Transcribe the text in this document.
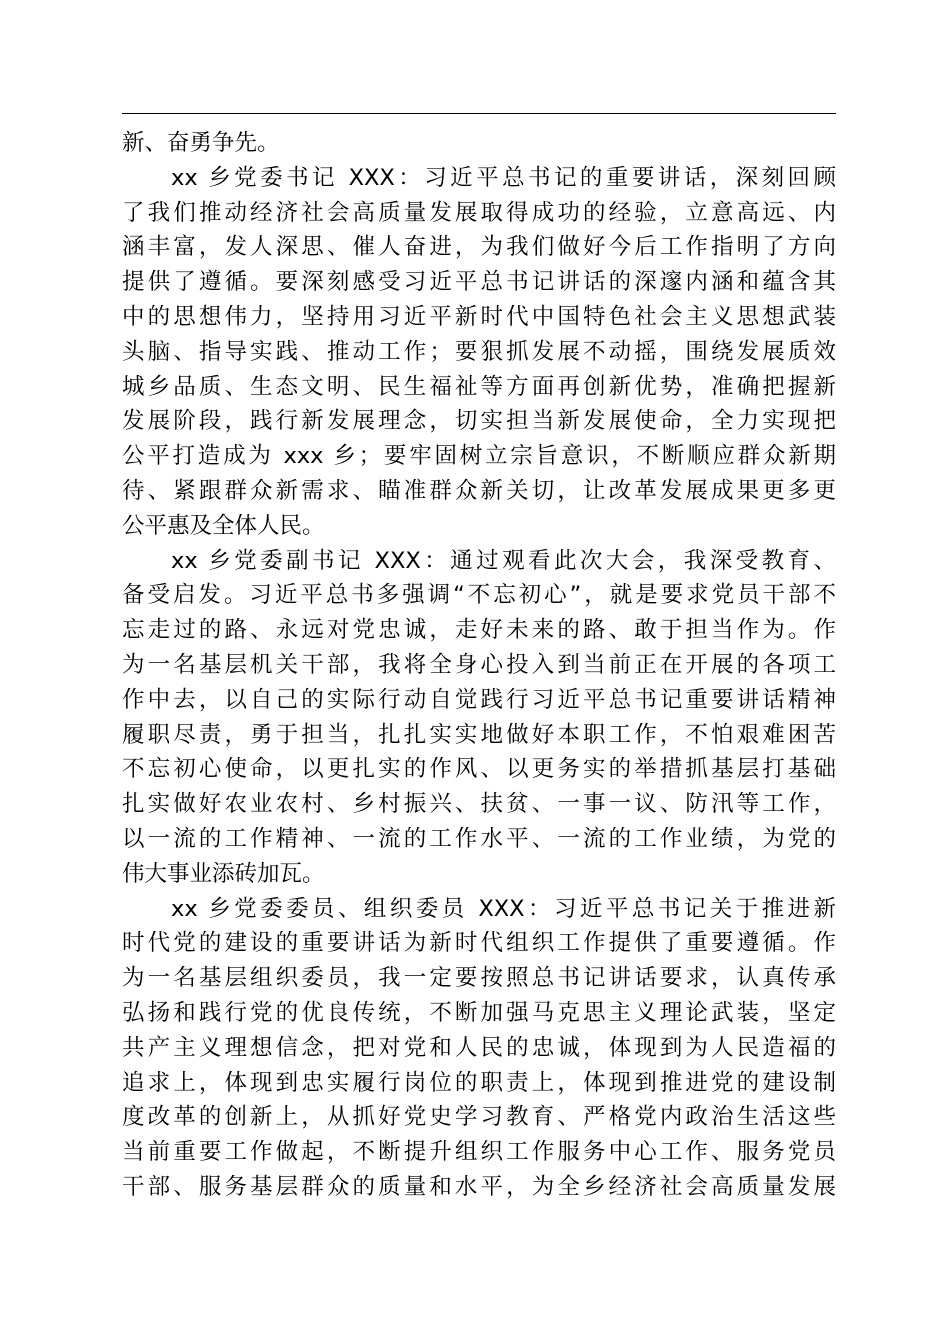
新、奋勇争先。
xx 乡党委书记 XXX：习近平总书记的重要讲话，深刻回顾
了我们推动经济社会高质量发展取得成功的经验，立意高远、内
涵丰富，发人深思、催人奋进，为我们做好今后工作指明了方向
提供了遵循。要深刻感受习近平总书记讲话的深邃内涵和蕴含其
中的思想伟力，坚持用习近平新时代中国特色社会主义思想武装
头脑、指导实践、推动工作；要狠抓发展不动摇，围绕发展质效
城乡品质、生态文明、民生福祉等方面再创新优势，准确把握新
发展阶段，践行新发展理念，切实担当新发展使命，全力实现把
公平打造成为 xxx 乡；要牢固树立宗旨意识，不断顺应群众新期
待、紧跟群众新需求、瞄准群众新关切，让改革发展成果更多更
公平惠及全体人民。
xx 乡党委副书记 XXX：通过观看此次大会，我深受教育、
备受启发。习近平总书多强调“不忘初心”，就是要求党员干部不
忘走过的路、永远对党忠诚，走好未来的路、敢于担当作为。作
为一名基层机关干部，我将全身心投入到当前正在开展的各项工
作中去，以自己的实际行动自觉践行习近平总书记重要讲话精神
履职尽责，勇于担当，扎扎实实地做好本职工作，不怕艰难困苦
不忘初心使命，以更扎实的作风、以更务实的举措抓基层打基础
扎实做好农业农村、乡村振兴、扶贫、一事一议、防汛等工作，
以一流的工作精神、一流的工作水平、一流的工作业绩，为党的
伟大事业添砖加瓦。
xx 乡党委委员、组织委员 XXX：习近平总书记关于推进新
时代党的建设的重要讲话为新时代组织工作提供了重要遵循。作
为一名基层组织委员，我一定要按照总书记讲话要求，认真传承
弘扬和践行党的优良传统，不断加强马克思主义理论武装，坚定
共产主义理想信念，把对党和人民的忠诚，体现到为人民造福的
追求上，体现到忠实履行岗位的职责上，体现到推进党的建设制
度改革的创新上，从抓好党史学习教育、严格党内政治生活这些
当前重要工作做起，不断提升组织工作服务中心工作、服务党员
干部、服务基层群众的质量和水平，为全乡经济社会高质量发展
